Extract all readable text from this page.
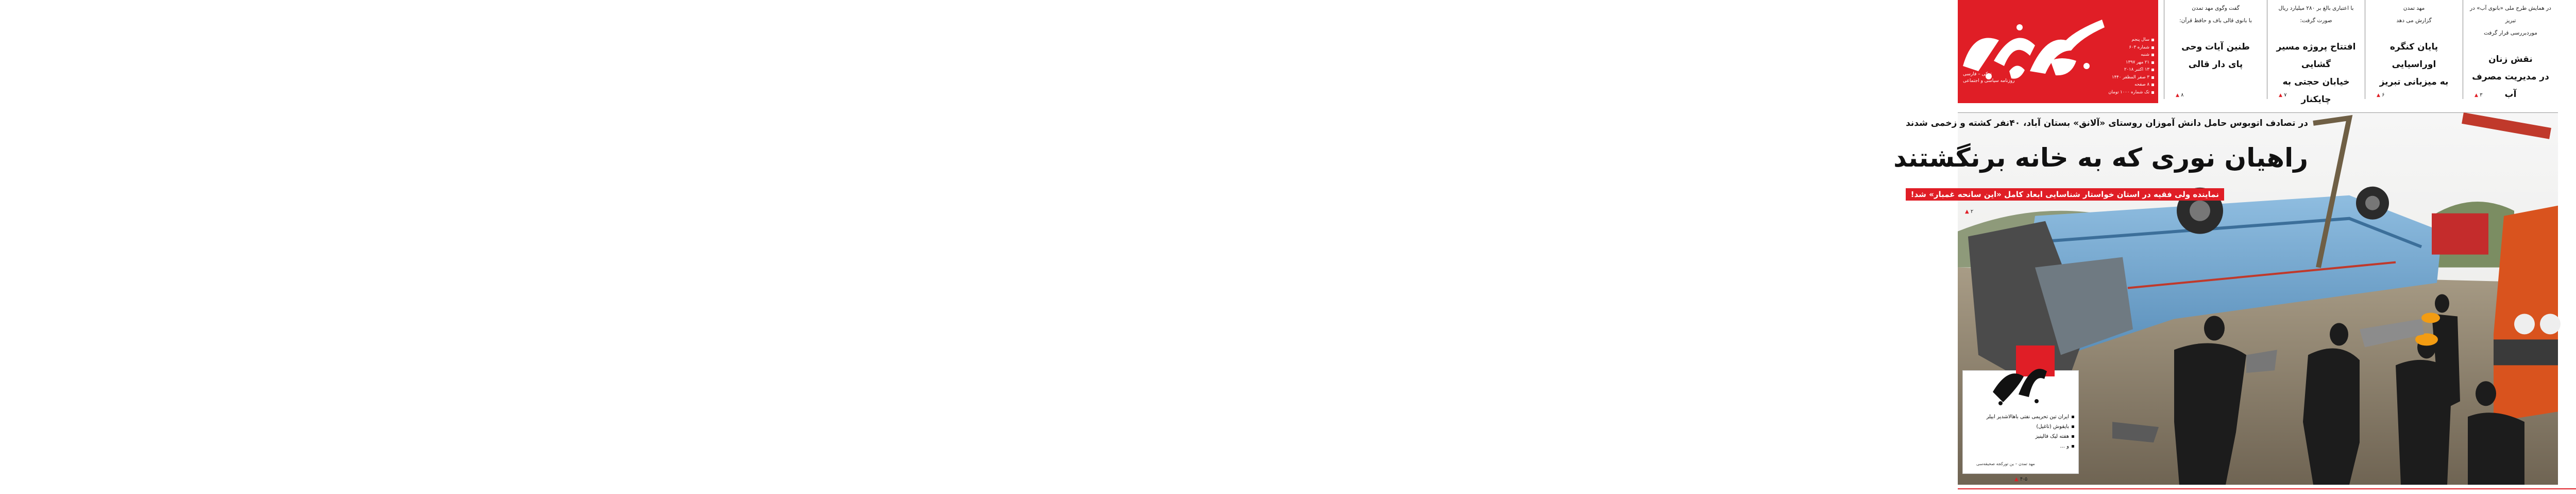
ترکی – فارسی
روزنامه سیاسی و اجتماعی
سال پنجم
شماره ۶۰۳
شنبه
۲۱ مهر ۱۳۹۷
۱۳ اکتبر ۲۰۱۸
۳ صفر المظفر ۱۴۴۰
۸ صفحه
تک شماره ۱۰۰۰ تومان
در همایش طرح ملی «بانوی آب» در تبریز
موردبررسی قرار گرفت
نقش زنان
در مدیریت مصرف آب
▲ ۳
مهد تمدن
گزارش می دهد
پایان کنگره اوراسیایی
به میزبانی تبریز
▲ ۶
با اعتباری بالغ بر ۲۸۰ میلیارد ریال
صورت گرفت:
افتتاح پروژه مسیر گشایی
خیابان حجتی به چایکنار
▲ ۷
گفت وگوی مهد تمدن
با بانوی قالی باف و حافظ قرآن:
طنین آیات وحی
پای دار قالی
▲ ۸
در تصادف اتوبوس حامل دانش آموزان روستای «آلانق» بستان آباد، ۴۰نفر کشته و زخمی شدند
راهیان نوری که به خانه برنگشتند
نماینده ولی فقیه در استان خواستار شناسایی ابعاد کامل «این سانحه غمبار» شد!
▲ ۲
ایران تین تحریمی نفتی باهالاشدیر ابیلر
بایقوش (تاغیل)
هفته لیک فالینیز
و ...
مهد تمدن – ین تورکجه صحیفه‌سی
▲ ۴-۵
